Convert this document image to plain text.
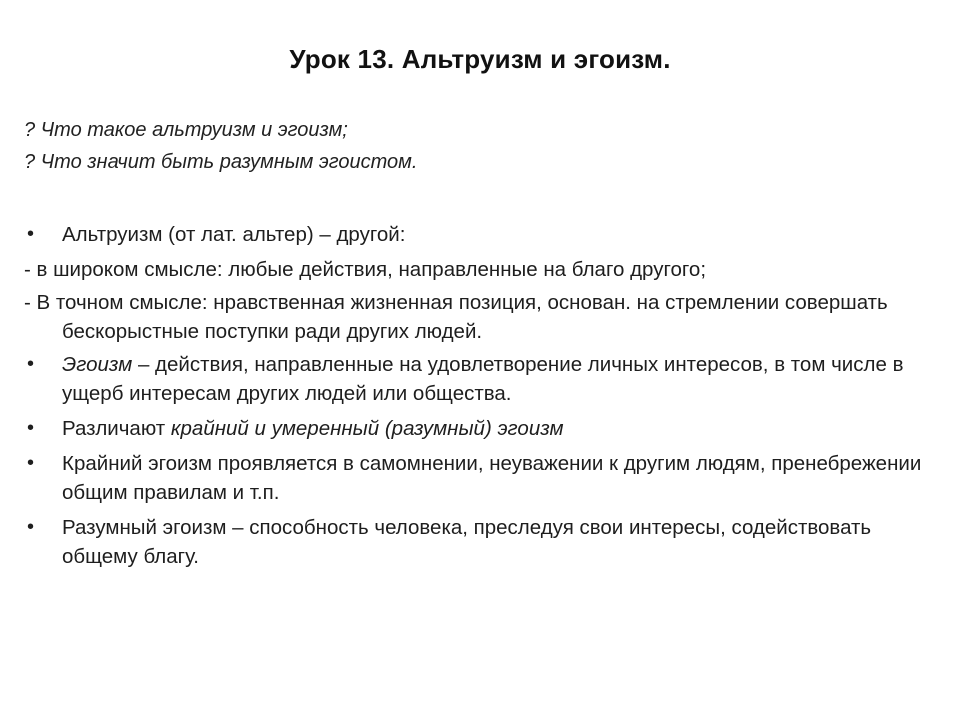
Урок 13. Альтруизм и эгоизм.
? Что такое альтруизм и эгоизм;
? Что значит быть разумным эгоистом.
• Альтруизм (от лат. альтер) – другой:
- в широком смысле: любые действия, направленные на благо другого;
- В точном смысле: нравственная жизненная позиция, основан. на стремлении совершать бескорыстные поступки ради других людей.
• Эгоизм – действия, направленные на удовлетворение личных интересов, в том числе в ущерб интересам других людей или общества.
• Различают крайний и умеренный (разумный) эгоизм
• Крайний эгоизм проявляется в самомнении, неуважении к другим людям, пренебрежении общим правилам и т.п.
• Разумный эгоизм – способность человека, преследуя свои интересы, содействовать общему благу.
